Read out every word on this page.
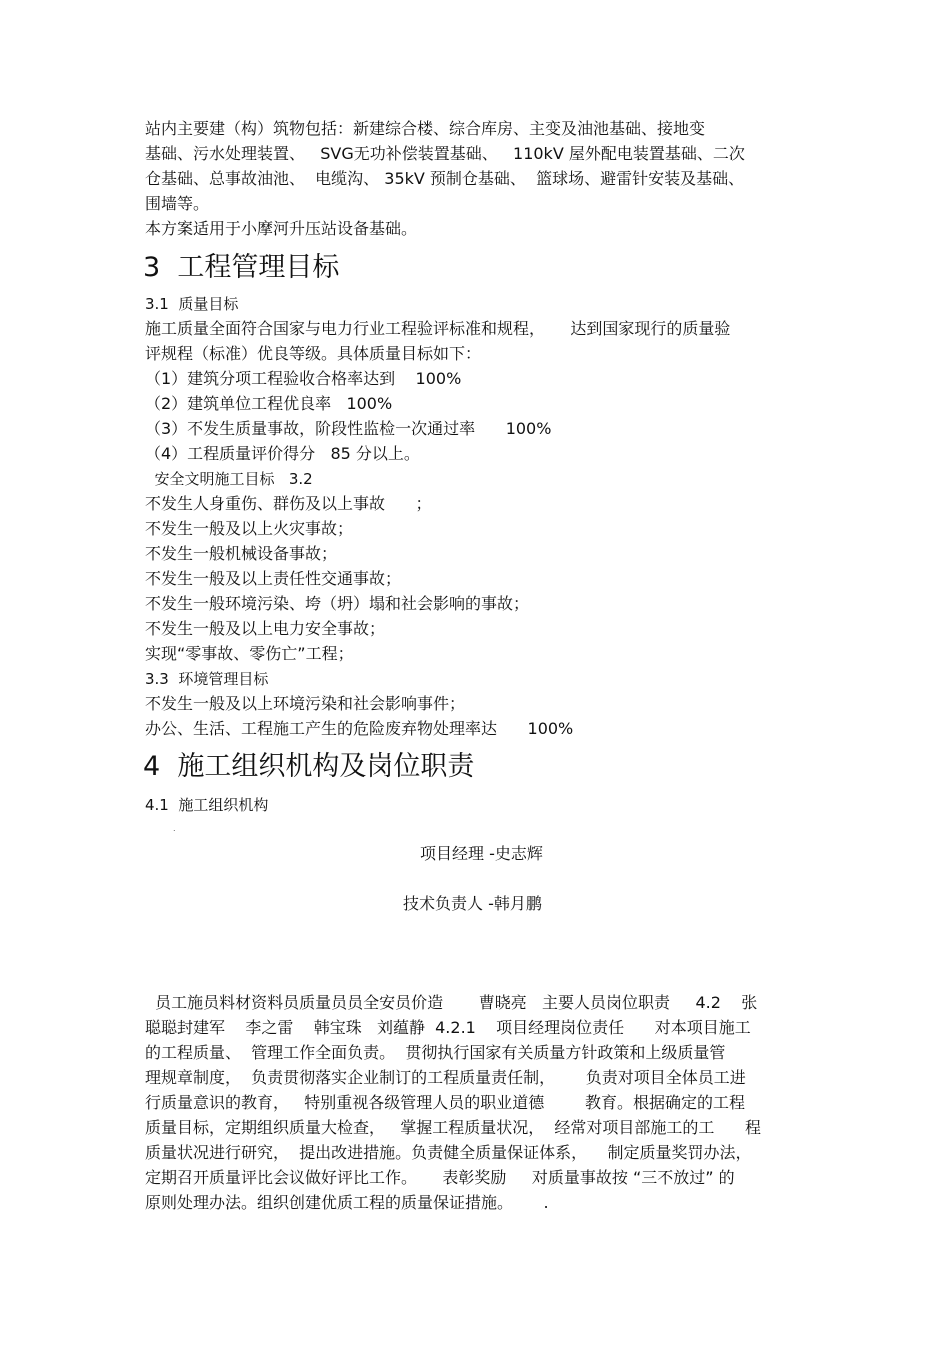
站内主要建（构）筑物包括：新建综合楼、综合库房、主变及油池基础、接地变
基础、污水处理装置、   SVG无功补偿装置基础、   110kV 屋外配电装置基础、二次
仓基础、总事故油池、  电缆沟、 35kV 预制仓基础、  篮球场、避雷针安装及基础、
围墙等。
本方案适用于小摩河升压站设备基础。
3  工程管理目标
3.1  质量目标
施工质量全面符合国家与电力行业工程验评标准和规程，     达到国家现行的质量验
评规程（标准）优良等级。具体质量目标如下：
（1）建筑分项工程验收合格率达到    100%
（2）建筑单位工程优良率   100%
（3）不发生质量事故，阶段性监检一次通过率      100%
（4）工程质量评价得分   85 分以上。
安全文明施工目标   3.2
不发生人身重伤、群伤及以上事故      ；
不发生一般及以上火灾事故；
不发生一般机械设备事故；
不发生一般及以上责任性交通事故；
不发生一般环境污染、垮（坍）塌和社会影响的事故；
不发生一般及以上电力安全事故；
实现“零事故、零伤亡”工程；
3.3  环境管理目标
不发生一般及以上环境污染和社会影响事件；
办公、生活、工程施工产生的危险废弃物处理率达      100%
4  施工组织机构及岗位职责
4.1  施工组织机构
.
项目经理 -史志辉
技术负责人 -韩月鹏
员工施员料材资料员质量员员全安员价造       曹晓亮   主要人员岗位职责     4.2    张
聪聪封建军    李之雷    韩宝珠   刘蕴静  4.2.1    项目经理岗位责任      对本项目施工
的工程质量、  管理工作全面负责。  贯彻执行国家有关质量方针政策和上级质量管
理规章制度，  负责贯彻落实企业制订的工程质量责任制，      负责对项目全体员工进
行质量意识的教育，   特别重视各级管理人员的职业道德        教育。根据确定的工程
质量目标，定期组织质量大检查，   掌握工程质量状况，  经常对项目部施工的工      程
质量状况进行研究，  提出改进措施。负责健全质量保证体系，    制定质量奖罚办法，
定期召开质量评比会议做好评比工作。     表彰奖励     对质量事故按 “三不放过” 的
原则处理办法。组织创建优质工程的质量保证措施。      .
